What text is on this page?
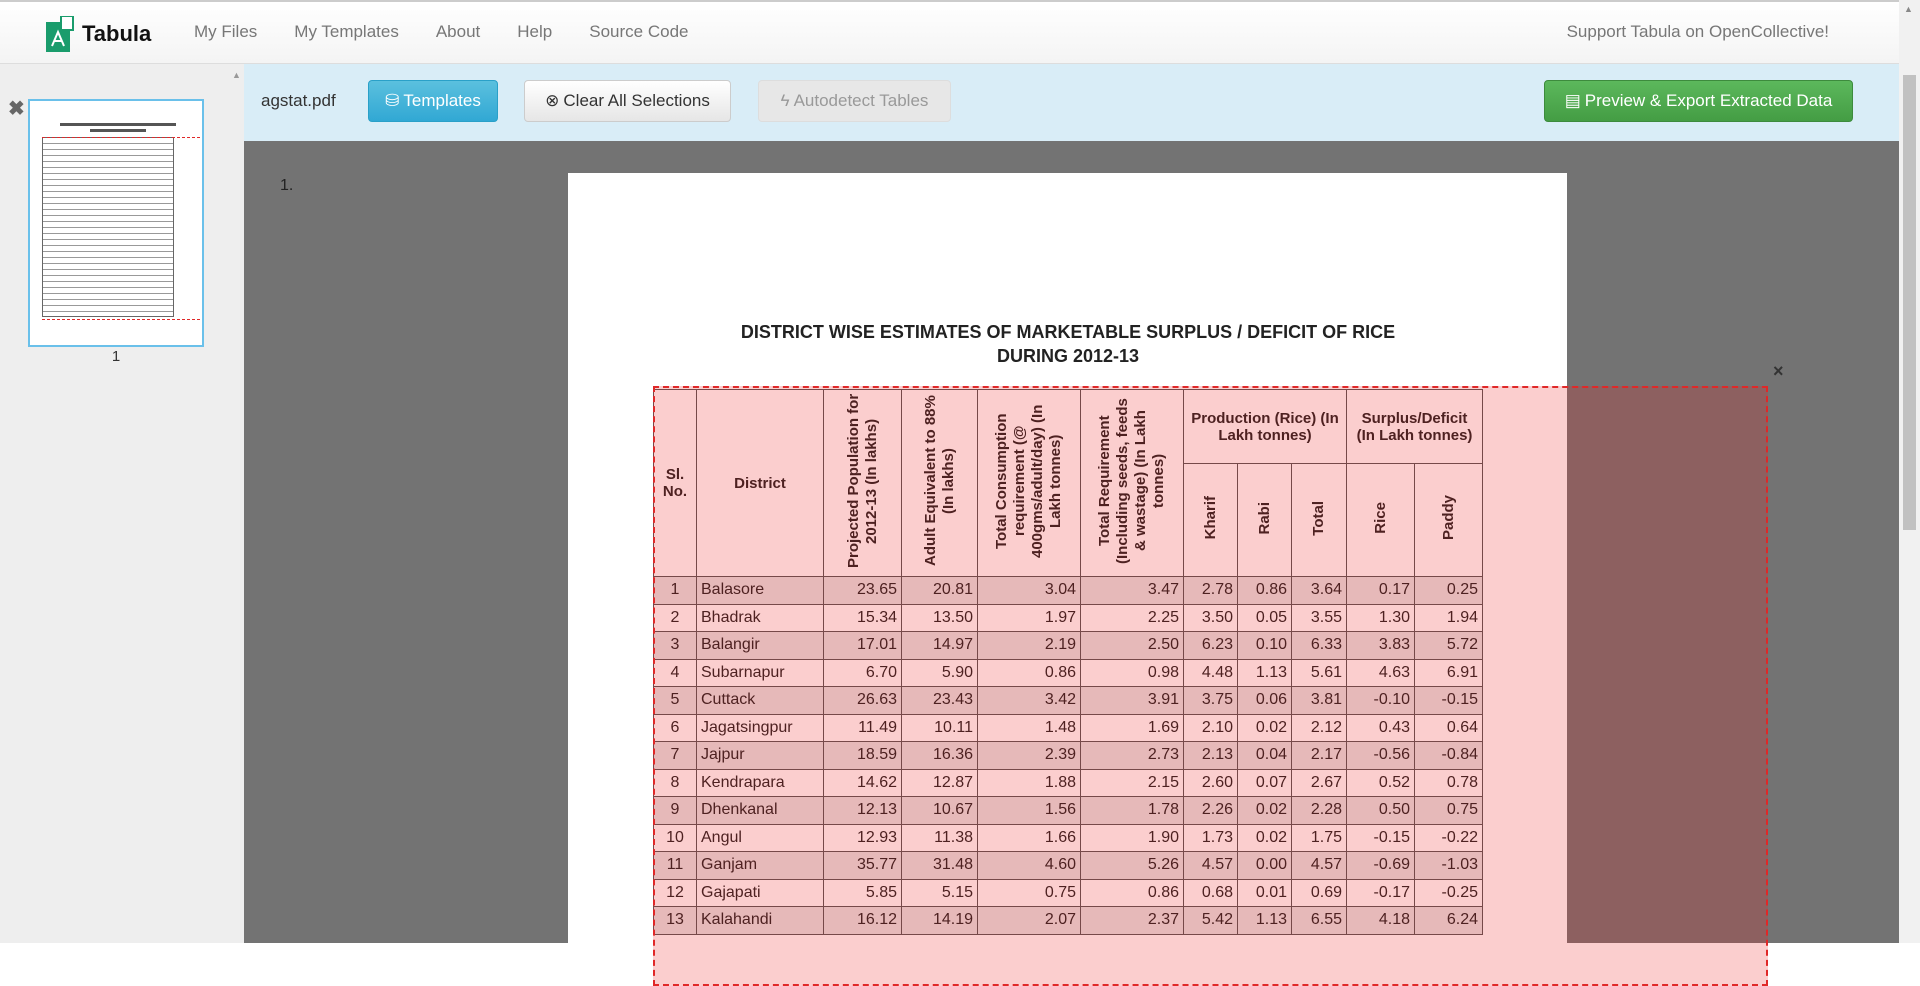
Tabula	My Files My Templates About Help Source Code	Support Tabula on OpenCollective!
▲
✖
1
agstat.pdf	⛁ Templates	⊗ Clear All Selections	ϟ Autodetect Tables	▤ Preview & Export Extracted Data
1.
DISTRICT WISE ESTIMATES OF MARKETABLE SURPLUS / DEFICIT OF RICE
DURING 2012-13
Sl. No.	District	Projected Population for 2012-13 (In lakhs)	Adult Equivalent to 88% (In lakhs)	Total Consumption requirement (@ 400gms/adult/day) (In Lakh tonnes)	Total Requirement (Including seeds, feeds & wastage) (In Lakh tonnes)	Production (Rice) (In Lakh tonnes)			Surplus/Deficit (In Lakh tonnes)	
						Kharif	Rabi	Total	Rice	Paddy
1	Balasore	23.65	20.81	3.04	3.47	2.78	0.86	3.64	0.17	0.25
2	Bhadrak	15.34	13.50	1.97	2.25	3.50	0.05	3.55	1.30	1.94
3	Balangir	17.01	14.97	2.19	2.50	6.23	0.10	6.33	3.83	5.72
4	Subarnapur	6.70	5.90	0.86	0.98	4.48	1.13	5.61	4.63	6.91
5	Cuttack	26.63	23.43	3.42	3.91	3.75	0.06	3.81	-0.10	-0.15
6	Jagatsingpur	11.49	10.11	1.48	1.69	2.10	0.02	2.12	0.43	0.64
7	Jajpur	18.59	16.36	2.39	2.73	2.13	0.04	2.17	-0.56	-0.84
8	Kendrapara	14.62	12.87	1.88	2.15	2.60	0.07	2.67	0.52	0.78
9	Dhenkanal	12.13	10.67	1.56	1.78	2.26	0.02	2.28	0.50	0.75
10	Angul	12.93	11.38	1.66	1.90	1.73	0.02	1.75	-0.15	-0.22
11	Ganjam	35.77	31.48	4.60	5.26	4.57	0.00	4.57	-0.69	-1.03
12	Gajapati	5.85	5.15	0.75	0.86	0.68	0.01	0.69	-0.17	-0.25
13	Kalahandi	16.12	14.19	2.07	2.37	5.42	1.13	6.55	4.18	6.24
×
▲
